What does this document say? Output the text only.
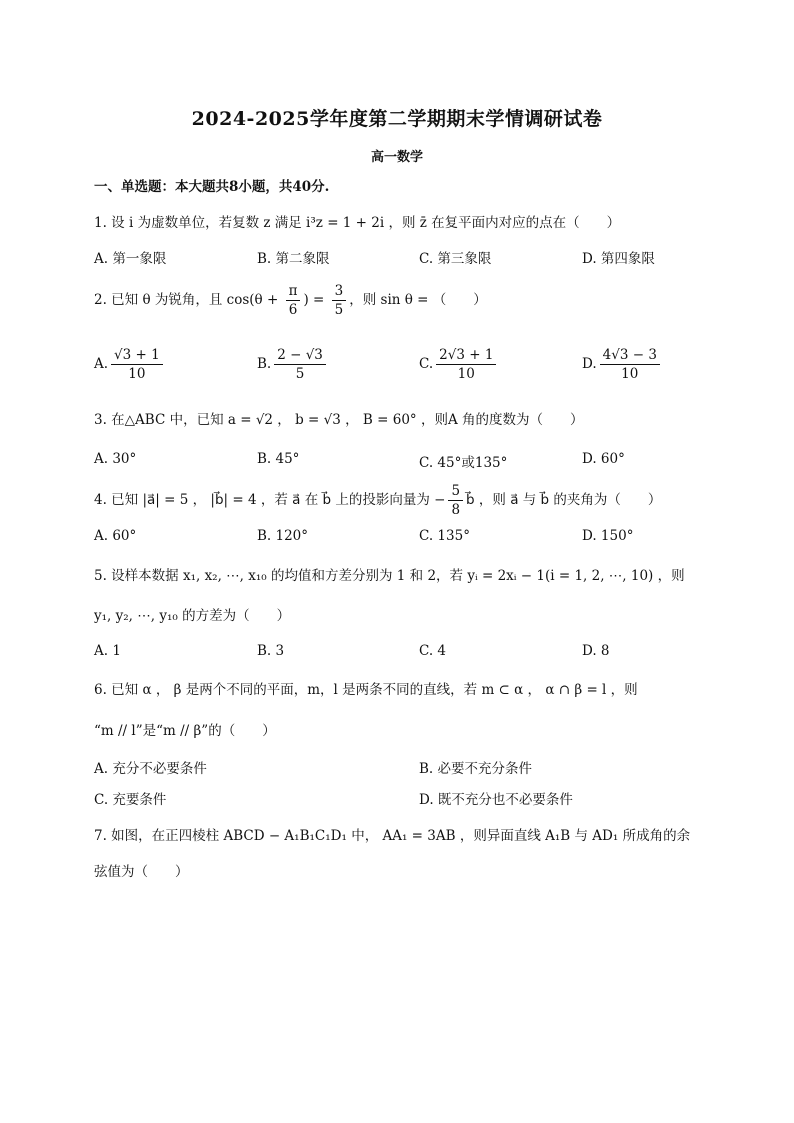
2024-2025学年度第二学期期末学情调研试卷
高一数学
一、单选题：本大题共8小题，共40分.
1. 设 i 为虚数单位，若复数 z 满足 i³z = 1 + 2i ，则 z̄ 在复平面内对应的点在（　　）
A. 第一象限	B. 第二象限	C. 第三象限	D. 第四象限
2. 已知 θ 为锐角，且 $\cos(\theta + \frac{\pi}{6}$ ) = $\frac{3}{5}$ ，则 sin θ = （　　）
A. $\frac{√3 + 1}{10}$	B. $\frac{2 - √3}{5}$	C. $\frac{2√3 + 1}{10}$	D. $\frac{4√3 - 3}{10}$
3. 在△ABC 中，已知 a = √2 ， b = √3 ， B = 60° ，则A 角的度数为（　　）
A. 30°	B. 45°	C. 45°或135°	D. 60°
4. 已知 |a⃗| = 5 ， |b⃗| = 4 ，若 a⃗ 在 b⃗ 上的投影向量为 − $\frac{5}{8}$ b⃗ ，则 a⃗ 与 b⃗ 的夹角为（　　）
A. 60°	B. 120°	C. 135°	D. 150°
5. 设样本数据 x₁, x₂, ⋯, x₁₀ 的均值和方差分别为 1 和 2，若 yᵢ = 2xᵢ − 1(i = 1, 2, ⋯, 10) ，则
y₁, y₂, ⋯, y₁₀ 的方差为（　　）
A. 1	B. 3	C. 4	D. 8
6. 已知 α ， β 是两个不同的平面，m，l 是两条不同的直线，若 m ⊂ α ， α ∩ β = l ，则
“m // l”是“m // β”的（　　）
A. 充分不必要条件	B. 必要不充分条件
C. 充要条件	D. 既不充分也不必要条件
7. 如图，在正四棱柱 ABCD − A₁B₁C₁D₁ 中， AA₁ = 3AB ，则异面直线 A₁B 与 AD₁ 所成角的余
弦值为（　　）
